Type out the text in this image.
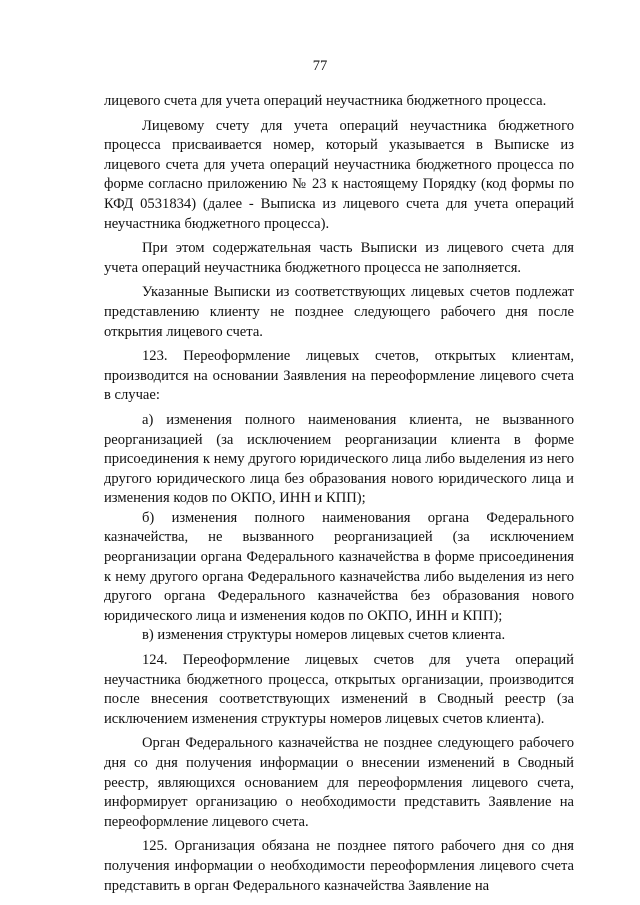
77

лицевого счета для учета операций неучастника бюджетного процесса.

Лицевому счету для учета операций неучастника бюджетного процесса присваивается номер, который указывается в Выписке из лицевого счета для учета операций неучастника бюджетного процесса по форме согласно приложению № 23 к настоящему Порядку (код формы по КФД 0531834) (далее - Выписка из лицевого счета для учета операций неучастника бюджетного процесса).

При этом содержательная часть Выписки из лицевого счета для учета операций неучастника бюджетного процесса не заполняется.

Указанные Выписки из соответствующих лицевых счетов подлежат представлению клиенту не позднее следующего рабочего дня после открытия лицевого счета.

123. Переоформление лицевых счетов, открытых клиентам, производится на основании Заявления на переоформление лицевого счета в случае:

а) изменения полного наименования клиента, не вызванного реорганизацией (за исключением реорганизации клиента в форме присоединения к нему другого юридического лица либо выделения из него другого юридического лица без образования нового юридического лица и изменения кодов по ОКПО, ИНН и КПП);

б) изменения полного наименования органа Федерального казначейства, не вызванного реорганизацией (за исключением реорганизации органа Федерального казначейства в форме присоединения к нему другого органа Федерального казначейства либо выделения из него другого органа Федерального казначейства без образования нового юридического лица и изменения кодов по ОКПО, ИНН и КПП);

в) изменения структуры номеров лицевых счетов клиента.

124. Переоформление лицевых счетов для учета операций неучастника бюджетного процесса, открытых организации, производится после внесения соответствующих изменений в Сводный реестр (за исключением изменения структуры номеров лицевых счетов клиента).

Орган Федерального казначейства не позднее следующего рабочего дня со дня получения информации о внесении изменений в Сводный реестр, являющихся основанием для переоформления лицевого счета, информирует организацию о необходимости представить Заявление на переоформление лицевого счета.

125. Организация обязана не позднее пятого рабочего дня со дня получения информации о необходимости переоформления лицевого счета представить в орган Федерального казначейства Заявление на
